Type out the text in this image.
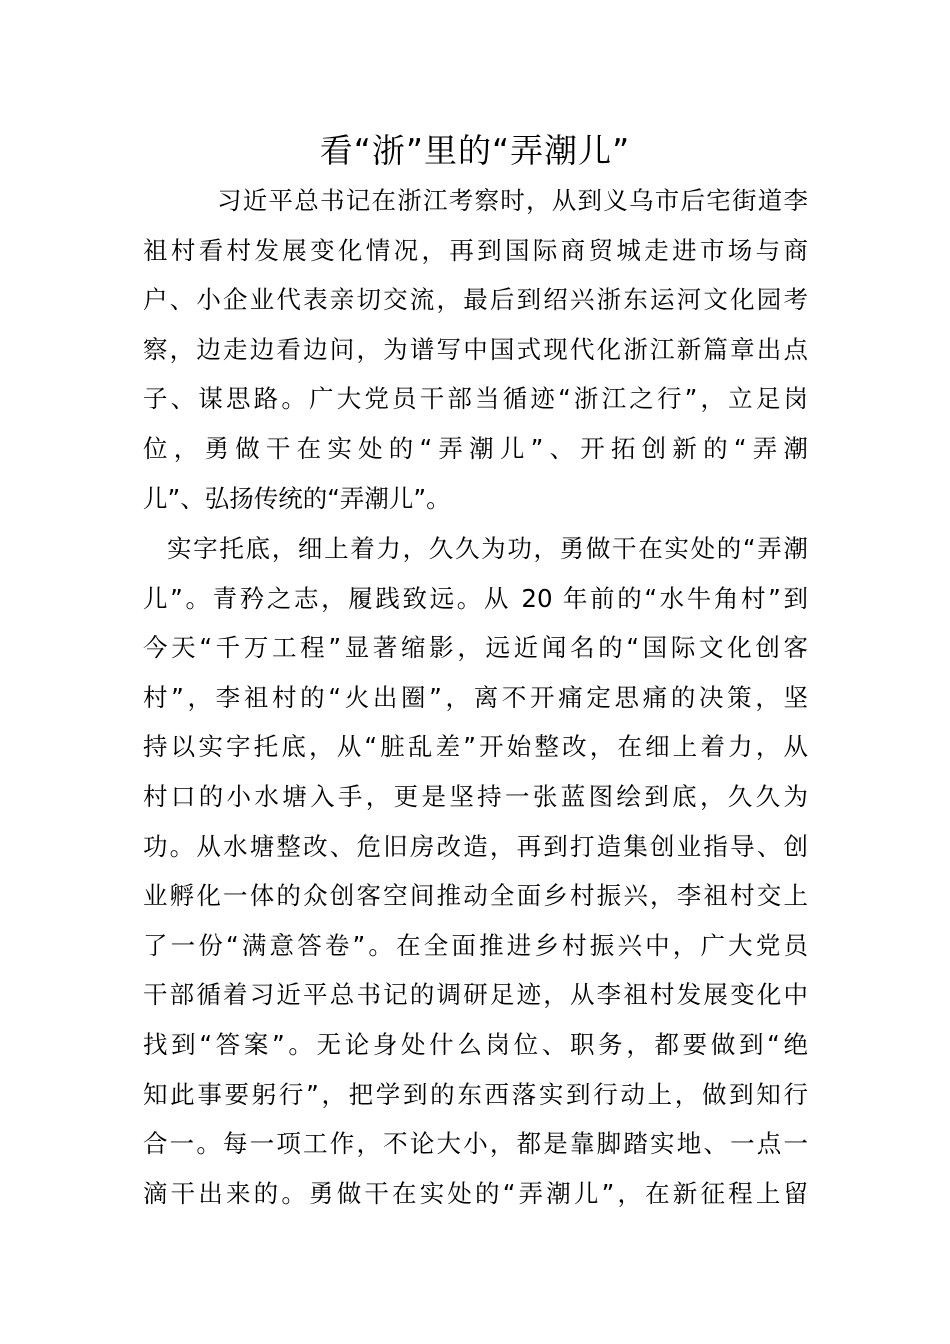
看“浙”里的“弄潮儿”
习近平总书记在浙江考察时，从到义乌市后宅街道李
祖村看村发展变化情况，再到国际商贸城走进市场与商
户、小企业代表亲切交流，最后到绍兴浙东运河文化园考
察，边走边看边问，为谱写中国式现代化浙江新篇章出点
子、谋思路。广大党员干部当循迹“浙江之行”，立足岗
位，勇做干在实处的“弄潮儿”、开拓创新的“弄潮
儿”、弘扬传统的“弄潮儿”。
实字托底，细上着力，久久为功，勇做干在实处的“弄潮
儿”。青矜之志，履践致远。从 20 年前的“水牛角村”到
今天“千万工程”显著缩影，远近闻名的“国际文化创客
村”，李祖村的“火出圈”，离不开痛定思痛的决策，坚
持以实字托底，从“脏乱差”开始整改，在细上着力，从
村口的小水塘入手，更是坚持一张蓝图绘到底，久久为
功。从水塘整改、危旧房改造，再到打造集创业指导、创
业孵化一体的众创客空间推动全面乡村振兴，李祖村交上
了一份“满意答卷”。在全面推进乡村振兴中，广大党员
干部循着习近平总书记的调研足迹，从李祖村发展变化中
找到“答案”。无论身处什么岗位、职务，都要做到“绝
知此事要躬行”，把学到的东西落实到行动上，做到知行
合一。每一项工作，不论大小，都是靠脚踏实地、一点一
滴干出来的。勇做干在实处的“弄潮儿”，在新征程上留
